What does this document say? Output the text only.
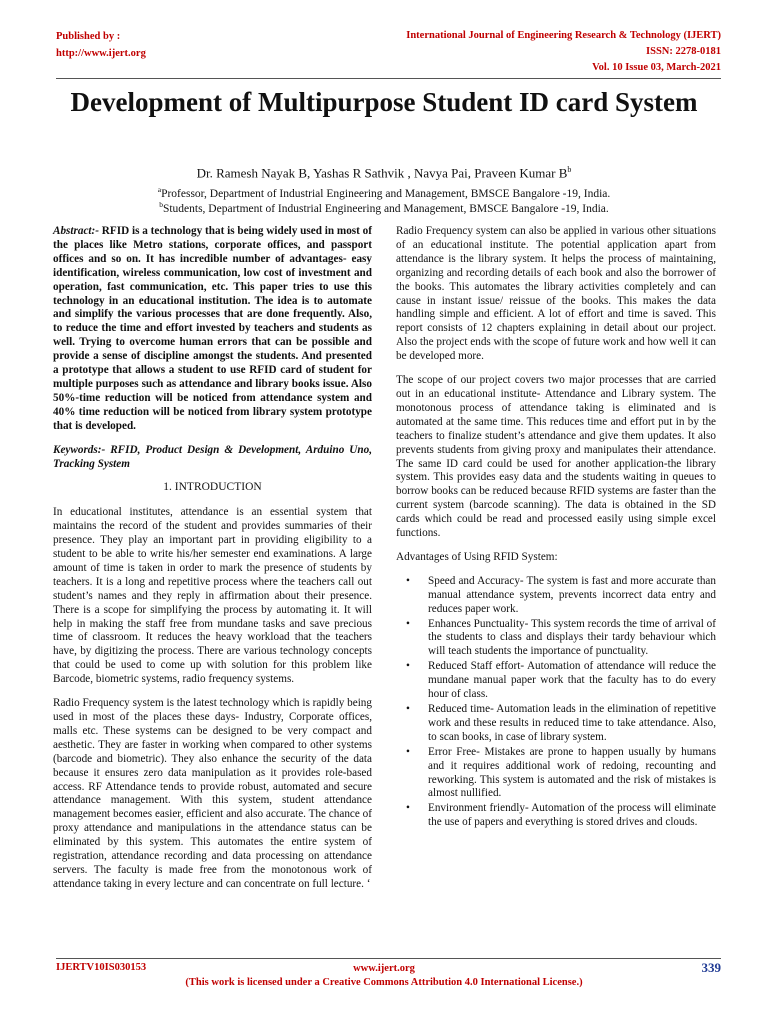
Published by :
http://www.ijert.org
International Journal of Engineering Research & Technology (IJERT)
ISSN: 2278-0181
Vol. 10 Issue 03, March-2021
Development of Multipurpose Student ID card System
Dr. Ramesh Nayak B, Yashas R Sathvik , Navya Pai, Praveen Kumar $B^b$
$^a$Professor, Department of Industrial Engineering and Management, BMSCE Bangalore -19, India.
$^b$Students, Department of Industrial Engineering and Management, BMSCE Bangalore -19, India.

Abstract:- RFID is a technology that is being widely used in most of the places like Metro stations, corporate offices, and passport offices and so on. It has incredible number of advantages- easy identification, wireless communication, low cost of investment and operation, fast communication, etc. This paper tries to use this technology in an educational institution. The idea is to automate and simplify the various processes that are done frequently. Also, to reduce the time and effort invested by teachers and students as well. Trying to overcome human errors that can be possible and provide a sense of discipline amongst the students. And presented a prototype that allows a student to use RFID card of student for multiple purposes such as attendance and library books issue. Also 50%-time reduction will be noticed from attendance system and 40% time reduction will be noticed from library system prototype that is developed.

Keywords:- RFID, Product Design & Development, Arduino Uno, Tracking System

1. INTRODUCTION

In educational institutes, attendance is an essential system that maintains the record of the student and provides summaries of their presence. They play an important part in providing eligibility to a student to be able to write his/her semester end examinations. A large amount of time is taken in order to mark the presence of students by teachers. It is a long and repetitive process where the teachers call out student’s names and they reply in affirmation about their presence. There is a scope for simplifying the process by automating it. It will help in making the staff free from mundane tasks and save precious time of classroom. It reduces the heavy workload that the teachers have, by digitizing the process. There are various technology concepts that could be used to come up with solution for this problem like Barcode, biometric systems, radio frequency systems.

Radio Frequency system is the latest technology which is rapidly being used in most of the places these days- Industry, Corporate offices, malls etc. These systems can be designed to be very compact and aesthetic. They are faster in working when compared to other systems (barcode and biometric). They also enhance the security of the data because it ensures zero data manipulation as it provides role-based access. RF Attendance tends to provide robust, automated and secure attendance management. With this system, student attendance management becomes easier, efficient and also accurate. The chance of proxy attendance and manipulations in the attendance status can be eliminated by this system. This automates the entire system of registration, attendance recording and data processing on attendance servers. The faculty is made free from the monotonous work of attendance taking in every lecture and can concentrate on full lecture. ‘

Radio Frequency system can also be applied in various other situations of an educational institute. The potential application apart from attendance is the library system. It helps the process of maintaining, organizing and recording details of each book and also the borrower of the books. This automates the library activities completely and can cause in instant issue/ reissue of the books. This makes the data handling simple and efficient. A lot of effort and time is saved. This report consists of 12 chapters explaining in detail about our project. Also the project ends with the scope of future work and how well it can be developed more.

The scope of our project covers two major processes that are carried out in an educational institute- Attendance and Library system. The monotonous process of attendance taking is eliminated and is automated at the same time. This reduces time and effort put in by the teachers to finalize student’s attendance and give them updates. It also prevents students from giving proxy and manipulates their attendance. The same ID card could be used for another application-the library system. This provides easy data and the students waiting in queues to borrow books can be reduced because RFID systems are faster than the current system (barcode scanning). The data is obtained in the SD cards which could be read and processed easily using simple excel functions.

Advantages of Using RFID System:

• Speed and Accuracy- The system is fast and more accurate than manual attendance system, prevents incorrect data entry and reduces paper work.
• Enhances Punctuality- This system records the time of arrival of the students to class and displays their tardy behaviour which will teach students the importance of punctuality.
• Reduced Staff effort- Automation of attendance will reduce the mundane manual paper work that the faculty has to do every hour of class.
• Reduced time- Automation leads in the elimination of repetitive work and these results in reduced time to take attendance. Also, to scan books, in case of library system.
• Error Free- Mistakes are prone to happen usually by humans and it requires additional work of redoing, recounting and reworking. This system is automated and the risk of mistakes is almost nullified.
• Environment friendly- Automation of the process will eliminate the use of papers and everything is stored drives and clouds.
IJERTV10IS030153	www.ijert.org
(This work is licensed under a Creative Commons Attribution 4.0 International License.)
339
